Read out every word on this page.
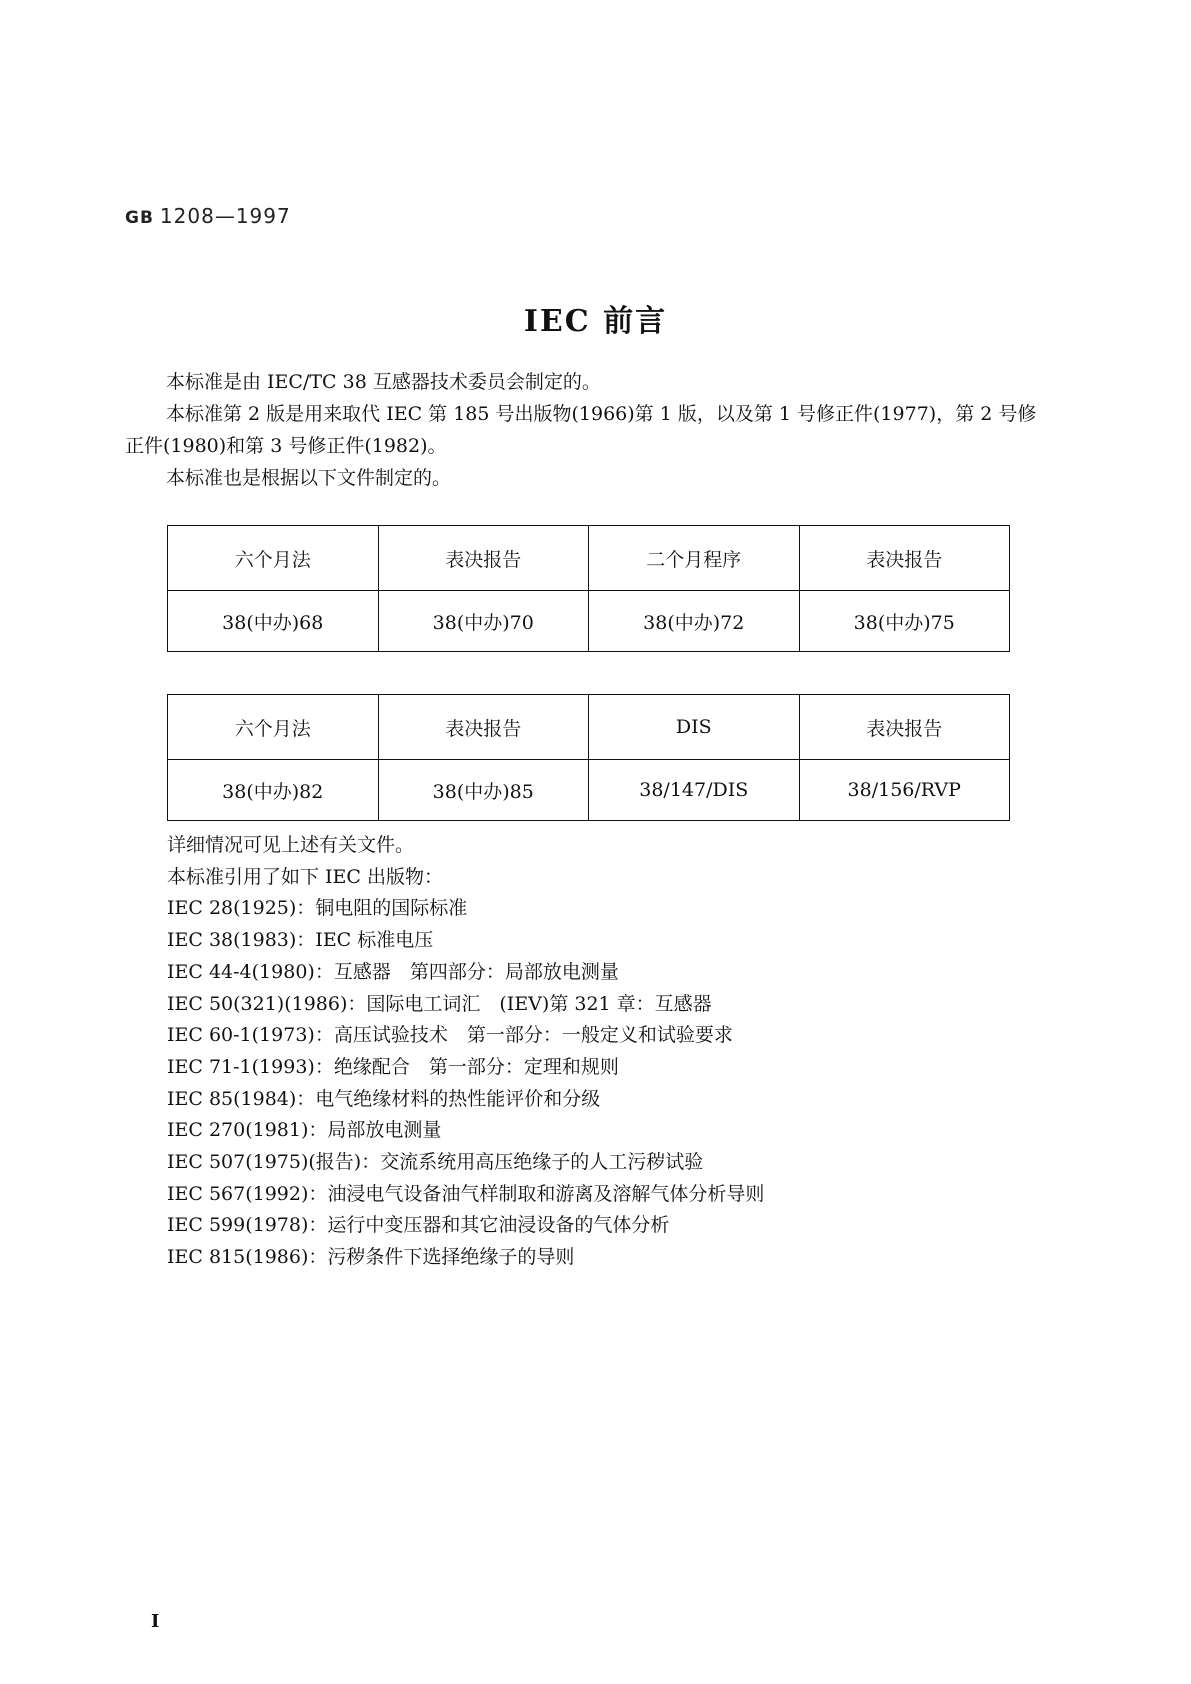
GB 1208—1997
IEC 前言
本标准是由 IEC/TC 38 互感器技术委员会制定的。
本标准第 2 版是用来取代 IEC 第 185 号出版物(1966)第 1 版，以及第 1 号修正件(1977)，第 2 号修正件(1980)和第 3 号修正件(1982)。
本标准也是根据以下文件制定的。
六个月法	表决报告	二个月程序	表决报告
38(中办)68	38(中办)70	38(中办)72	38(中办)75
六个月法	表决报告	DIS	表决报告
38(中办)82	38(中办)85	38/147/DIS	38/156/RVP
详细情况可见上述有关文件。
本标准引用了如下 IEC 出版物：
IEC 28(1925)：铜电阻的国际标准
IEC 38(1983)：IEC 标准电压
IEC 44-4(1980)：互感器　第四部分：局部放电测量
IEC 50(321)(1986)：国际电工词汇　(IEV)第 321 章：互感器
IEC 60-1(1973)：高压试验技术　第一部分：一般定义和试验要求
IEC 71-1(1993)：绝缘配合　第一部分：定理和规则
IEC 85(1984)：电气绝缘材料的热性能评价和分级
IEC 270(1981)：局部放电测量
IEC 507(1975)(报告)：交流系统用高压绝缘子的人工污秽试验
IEC 567(1992)：油浸电气设备油气样制取和游离及溶解气体分析导则
IEC 599(1978)：运行中变压器和其它油浸设备的气体分析
IEC 815(1986)：污秽条件下选择绝缘子的导则
I
